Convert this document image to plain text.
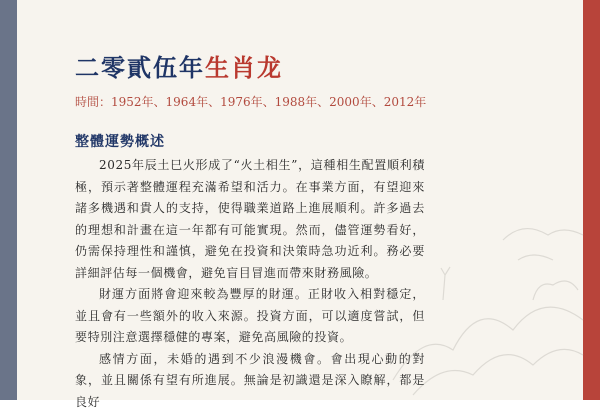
二零貳伍年生肖龙
時間：1952年、1964年、1976年、1988年、2000年、2012年
整體運勢概述

2025年辰土巳火形成了“火土相生”，這種相生配置順利積極，預示著整體運程充滿希望和活力。在事業方面，有望迎來諸多機遇和貴人的支持，使得職業道路上進展順利。許多過去的理想和計畫在這一年都有可能實現。然而，儘管運勢看好，仍需保持理性和謹慎，避免在投資和決策時急功近利。務必要詳細評估每一個機會，避免盲目冒進而帶來財務風險。

財運方面將會迎來較為豐厚的財運。正財收入相對穩定，並且會有一些額外的收入來源。投資方面，可以適度嘗試，但要特別注意選擇穩健的專案，避免高風險的投資。

感情方面，未婚的遇到不少浪漫機會。會出現心動的對象，並且關係有望有所進展。無論是初識還是深入瞭解，都是良好
